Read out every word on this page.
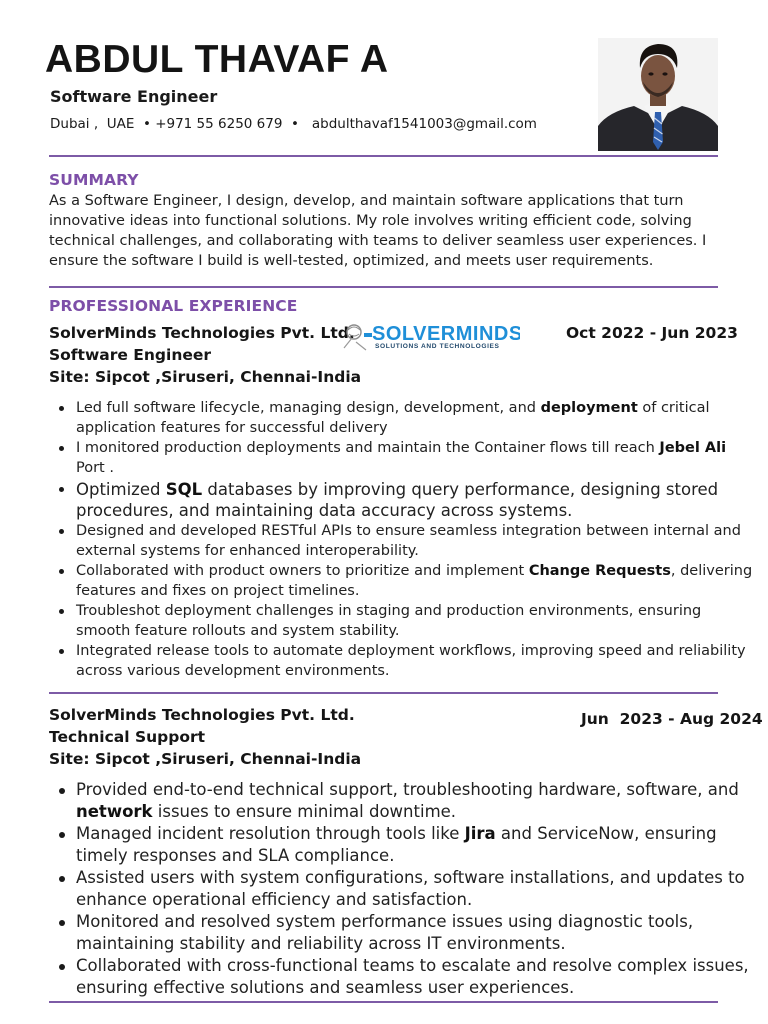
ABDUL THAVAF A
Software Engineer
Dubai ,  UAE  • +971 55 6250 679  •   abdulthavaf1541003@gmail.com
SUMMARY

As a Software Engineer, I design, develop, and maintain software applications that turn innovative ideas into functional solutions. My role involves writing efficient code, solving technical challenges, and collaborating with teams to deliver seamless user experiences. I ensure the software I build is well-tested, optimized, and meets user requirements.

PROFESSIONAL EXPERIENCE
SolverMinds Technologies Pvt. Ltd. SOLVERMINDS
SOLUTIONS AND TECHNOLOGIES
Oct 2022 - Jun 2023
Software Engineer
Site: Sipcot ,Siruseri, Chennai-India
Led full software lifecycle, managing design, development, and deployment of critical application features for successful delivery
I monitored production deployments and maintain the Container flows till reach Jebel Ali Port .
Optimized SQL databases by improving query performance, designing stored procedures, and maintaining data accuracy across systems.
Designed and developed RESTful APIs to ensure seamless integration between internal and external systems for enhanced interoperability.
Collaborated with product owners to prioritize and implement Change Requests, delivering features and fixes on project timelines.
Troubleshot deployment challenges in staging and production environments, ensuring smooth feature rollouts and system stability.
Integrated release tools to automate deployment workflows, improving speed and reliability across various development environments.
SolverMinds Technologies Pvt. Ltd.	Jun  2023 - Aug 2024
Technical Support
Site: Sipcot ,Siruseri, Chennai-India
Provided end-to-end technical support, troubleshooting hardware, software, and network issues to ensure minimal downtime.
Managed incident resolution through tools like Jira and ServiceNow, ensuring timely responses and SLA compliance.
Assisted users with system configurations, software installations, and updates to enhance operational efficiency and satisfaction.
Monitored and resolved system performance issues using diagnostic tools, maintaining stability and reliability across IT environments.
Collaborated with cross-functional teams to escalate and resolve complex issues, ensuring effective solutions and seamless user experiences.
